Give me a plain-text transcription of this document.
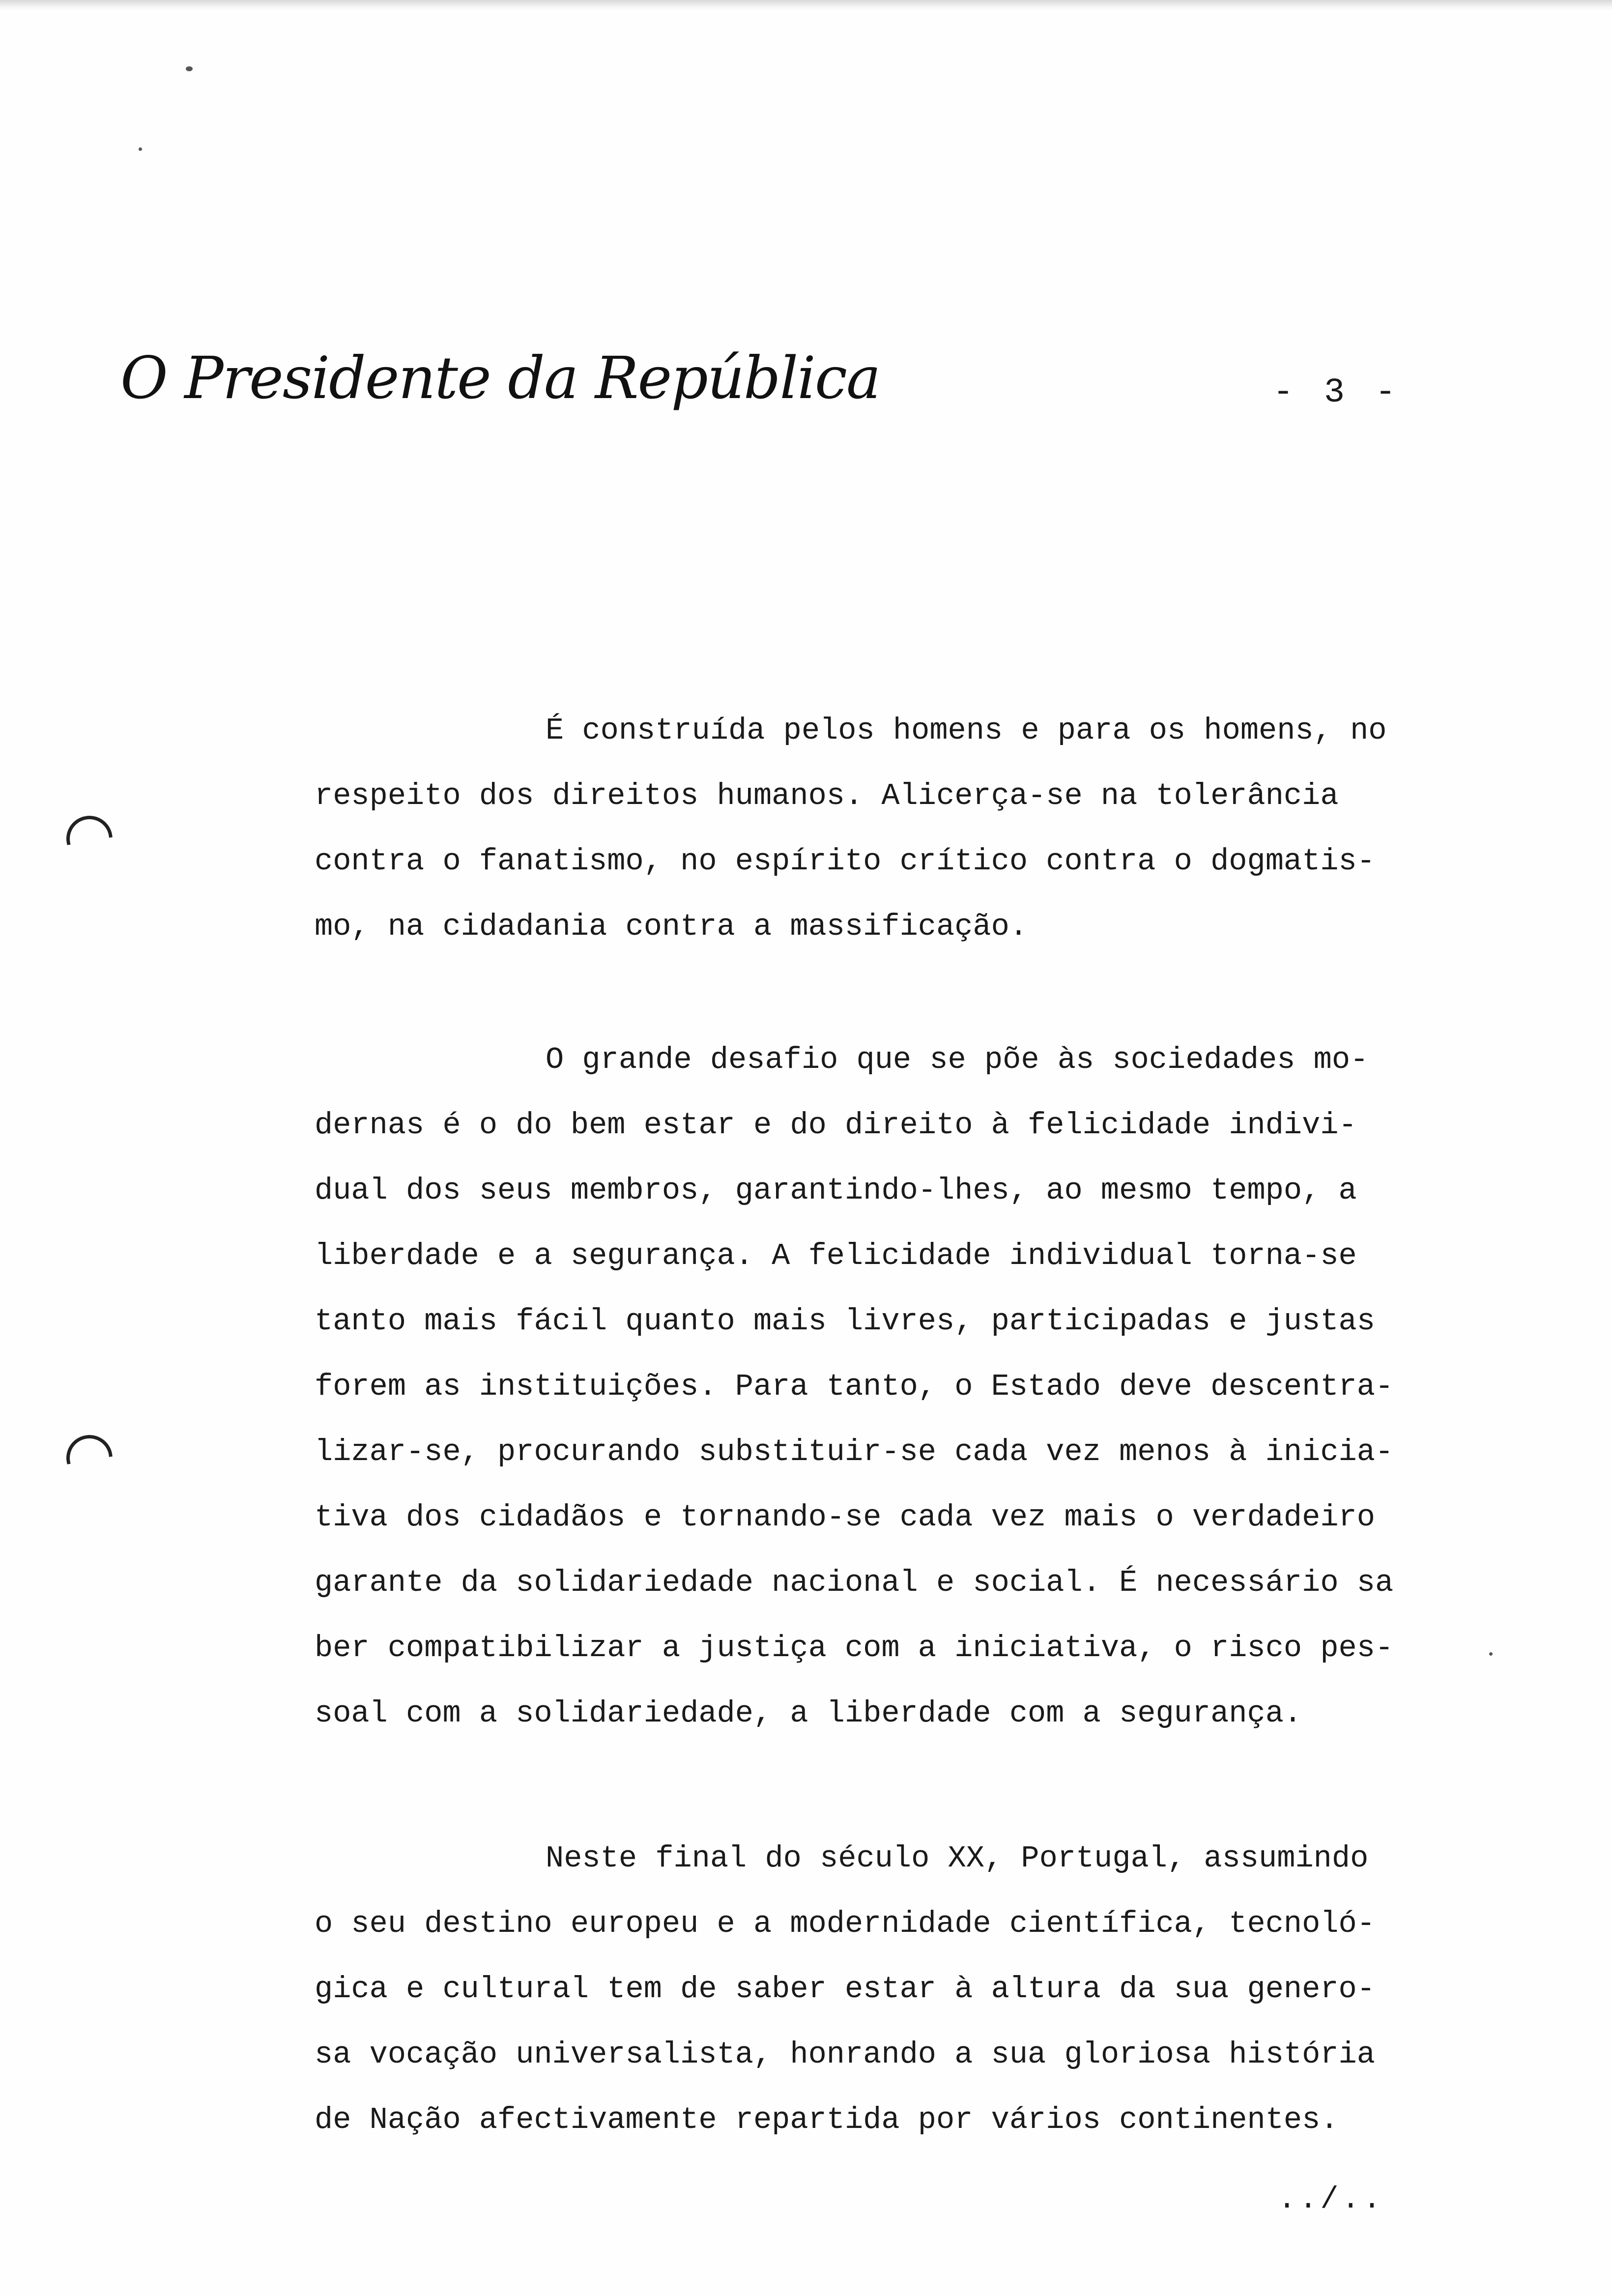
O Presidente da República	- 3 -
É construída pelos homens e para os homens, no
respeito dos direitos humanos. Alicerça-se na tolerância
contra o fanatismo, no espírito crítico contra o dogmatis-
mo, na cidadania contra a massificação.
O grande desafio que se põe às sociedades mo-
dernas é o do bem estar e do direito à felicidade indivi-
dual dos seus membros, garantindo-lhes, ao mesmo tempo, a
liberdade e a segurança. A felicidade individual torna-se
tanto mais fácil quanto mais livres, participadas e justas
forem as instituições. Para tanto, o Estado deve descentra-
lizar-se, procurando substituir-se cada vez menos à inicia-
tiva dos cidadãos e tornando-se cada vez mais o verdadeiro
garante da solidariedade nacional e social. É necessário sa
ber compatibilizar a justiça com a iniciativa, o risco pes-
soal com a solidariedade, a liberdade com a segurança.
Neste final do século XX, Portugal, assumindo
o seu destino europeu e a modernidade científica, tecnoló-
gica e cultural tem de saber estar à altura da sua genero-
sa vocação universalista, honrando a sua gloriosa história
de Nação afectivamente repartida por vários continentes.
../..
